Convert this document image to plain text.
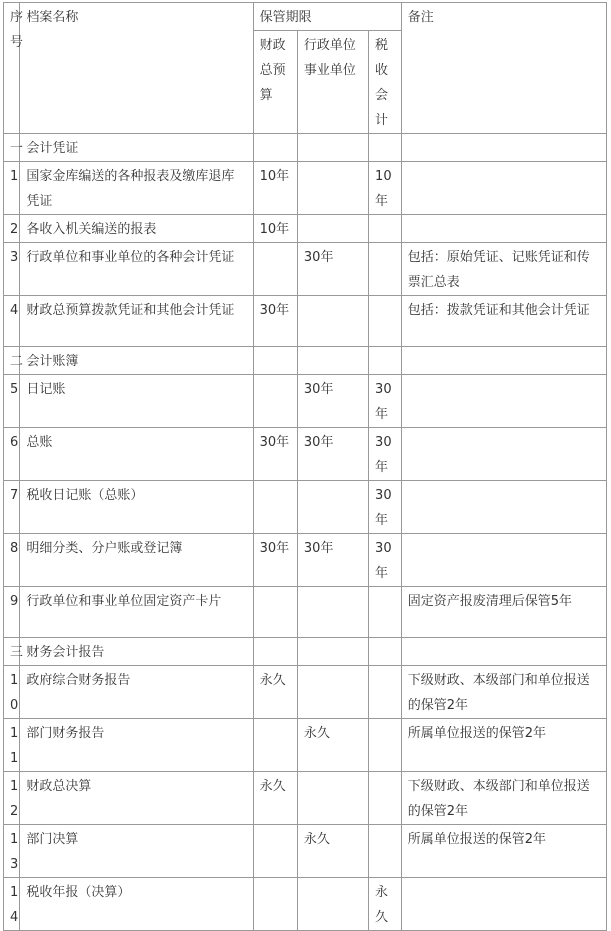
序号	档案名称	保管期限			备注
		财政总预算	行政单位事业单位	税收会计	
一	会计凭证				
1	国家金库编送的各种报表及缴库退库凭证	10年		10年	
2	各收入机关编送的报表	10年			
3	行政单位和事业单位的各种会计凭证		30年		包括：原始凭证、记账凭证和传票汇总表
4	财政总预算拨款凭证和其他会计凭证	30年			包括：拨款凭证和其他会计凭证
二	会计账簿				
5	日记账		30年	30年	
6	总账	30年	30年	30年	
7	税收日记账（总账）			30年	
8	明细分类、分户账或登记簿	30年	30年	30年	
9	行政单位和事业单位固定资产卡片				固定资产报废清理后保管5年
三	财务会计报告				
10	政府综合财务报告	永久			下级财政、本级部门和单位报送的保管2年
11	部门财务报告		永久		所属单位报送的保管2年
12	财政总决算	永久			下级财政、本级部门和单位报送的保管2年
13	部门决算		永久		所属单位报送的保管2年
14	税收年报（决算）			永久	
